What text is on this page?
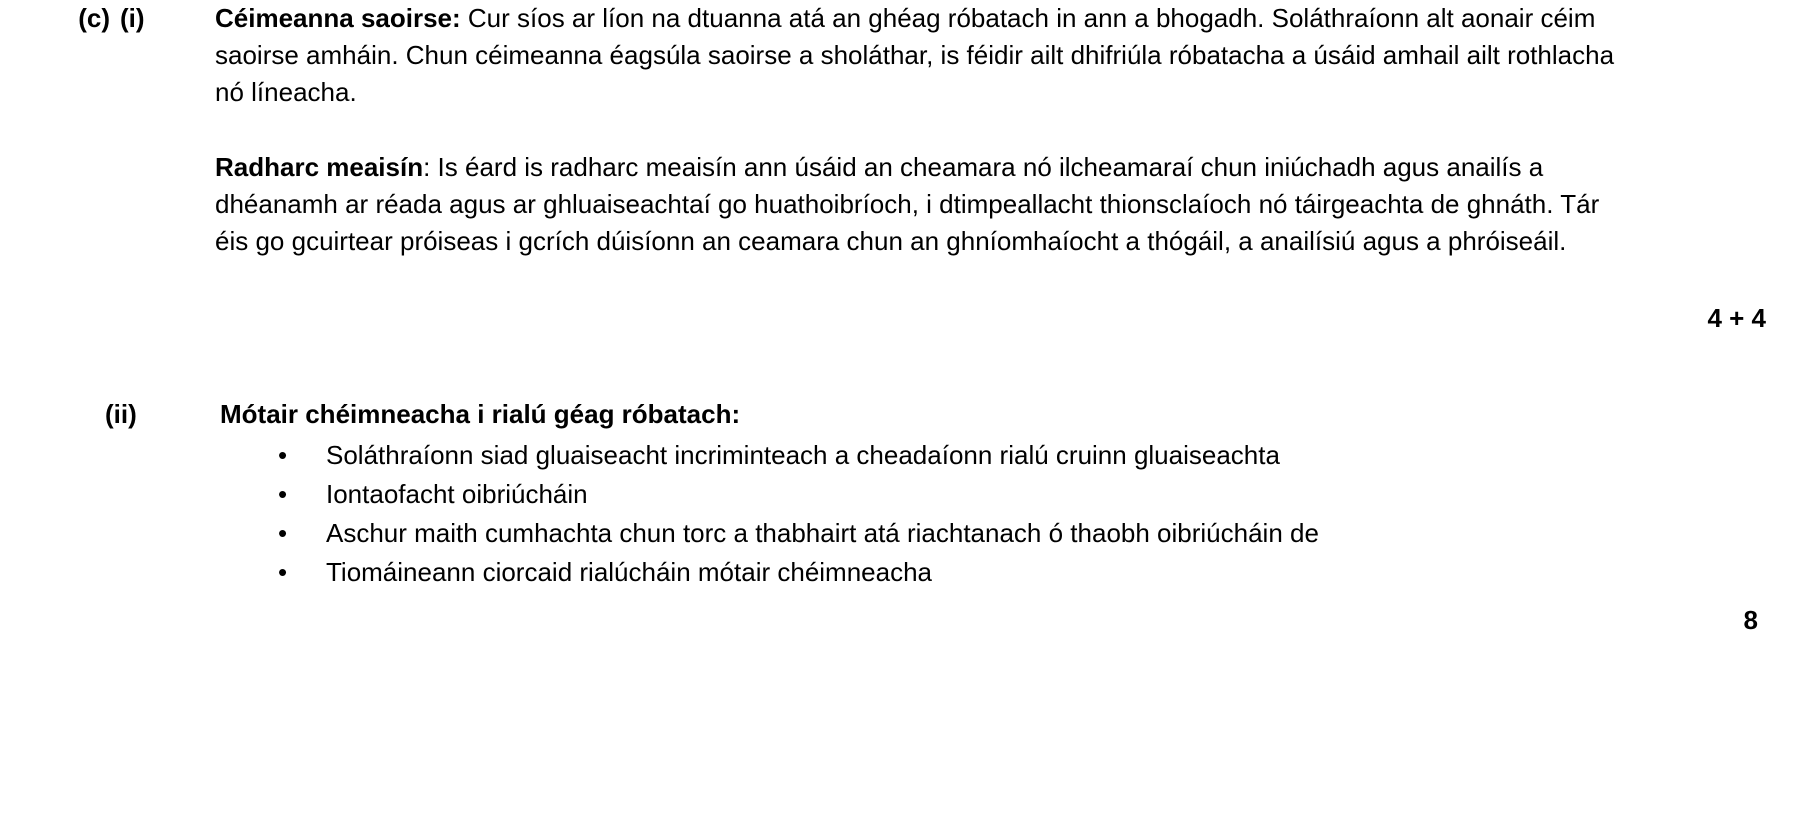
(c) (i)	Céimeanna saoirse: Cur síos ar líon na dtuanna atá an ghéag róbatach in ann a bhogadh. Soláthraíonn alt aonair céim saoirse amháin. Chun céimeanna éagsúla saoirse a sholáthar, is féidir ailt dhifriúla róbatacha a úsáid amhail ailt rothlacha nó líneacha.

Radharc meaisín: Is éard is radharc meaisín ann úsáid an cheamara nó ilcheamaraí chun iniúchadh agus anailís a dhéanamh ar réada agus ar ghluaiseachtaí go huathoibríoch, i dtimpeallacht thionsclaíoch nó táirgeachta de ghnáth. Tár éis go gcuirtear próiseas i gcrích dúisíonn an ceamara chun an ghníomhaíocht a thógáil, a anailísiú agus a phróiseáil.

4 + 4
(ii)	Mótair chéimneacha i rialú géag róbatach:

• Soláthraíonn siad gluaiseacht incriminteach a cheadaíonn rialú cruinn gluaiseachta
• Iontaofacht oibriúcháin
• Aschur maith cumhachta chun torc a thabhairt atá riachtanach ó thaobh oibriúcháin de
• Tiomáineann ciorcaid rialúcháin mótair chéimneacha
8
